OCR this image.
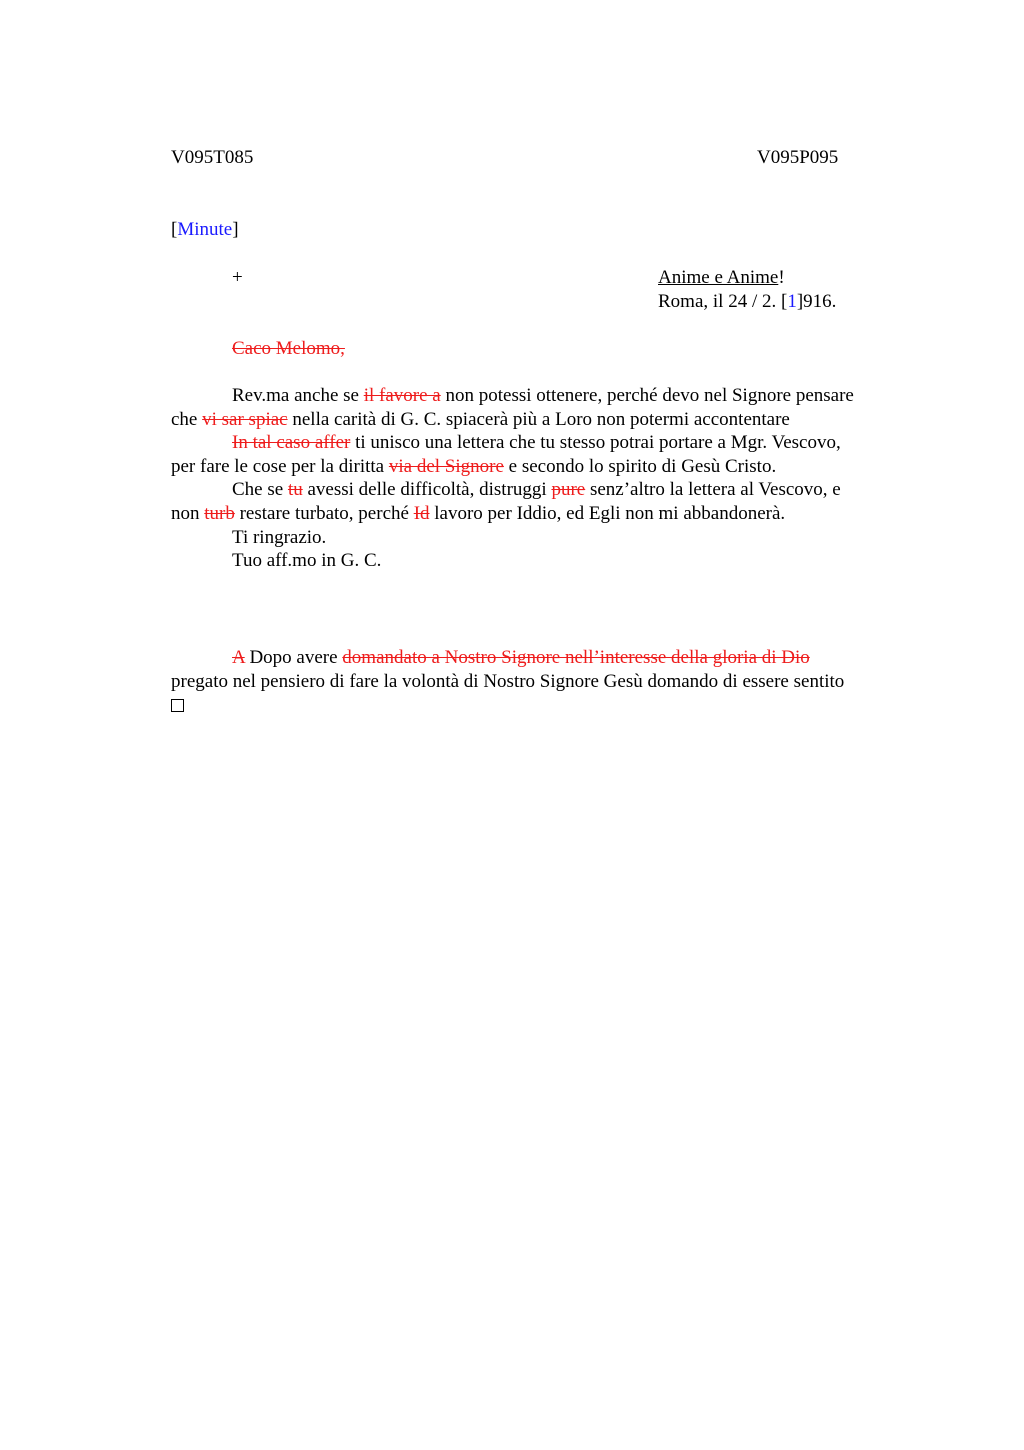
V095T085	V095P095
[Minute]
+	Anime e Anime!
Roma, il 24 / 2. [1]916.
Caco Melomo,
Rev.ma anche se il favore a non potessi ottenere, perché devo nel Signore pensare
che vi sar spiac nella carità di G. C. spiacerà più a Loro non potermi accontentare
In tal caso affer ti unisco una lettera che tu stesso potrai portare a Mgr. Vescovo,
per fare le cose per la diritta via del Signore e secondo lo spirito di Gesù Cristo.
Che se tu avessi delle difficoltà, distruggi pure senz’altro la lettera al Vescovo, e
non turb restare turbato, perché Id lavoro per Iddio, ed Egli non mi abbandonerà.
Ti ringrazio.
Tuo aff.mo in G. C.
A Dopo avere domandato a Nostro Signore nell’interesse della gloria di Dio
pregato nel pensiero di fare la volontà di Nostro Signore Gesù domando di essere sentito
